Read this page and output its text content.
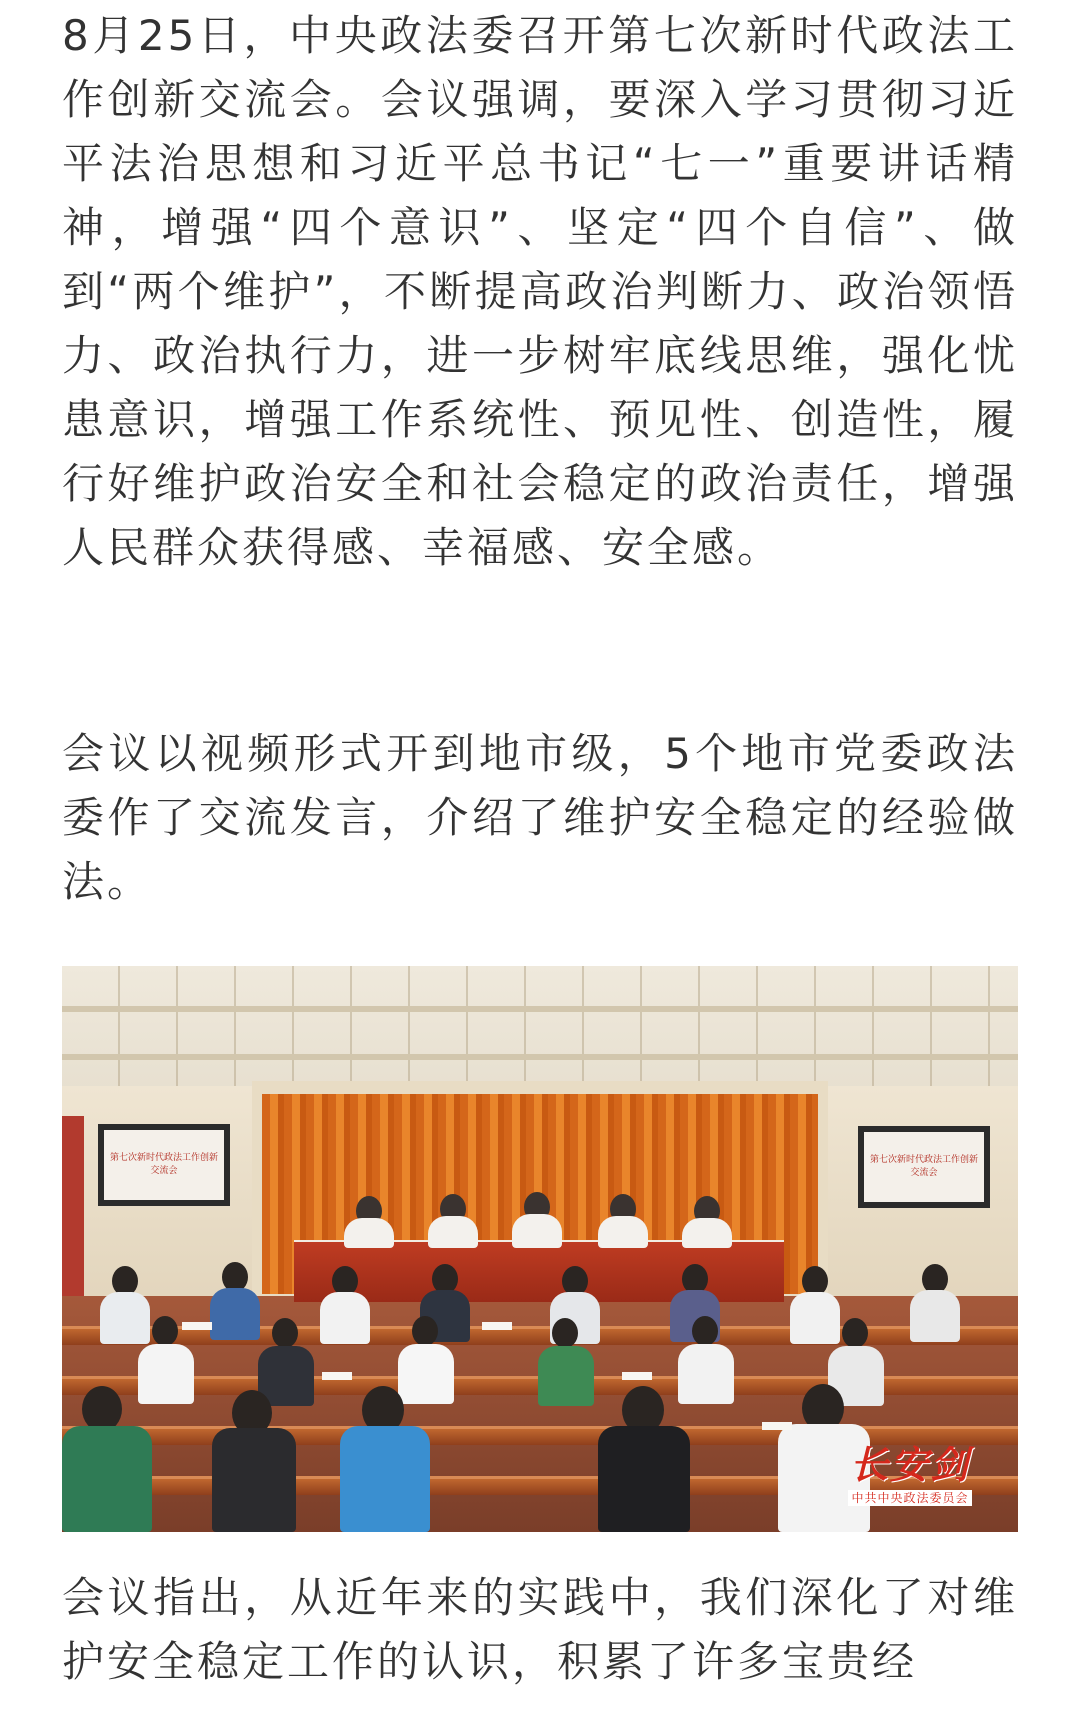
8月25日，中央政法委召开第七次新时代政法工作创新交流会。会议强调，要深入学习贯彻习近平法治思想和习近平总书记“七一”重要讲话精神，增强“四个意识”、坚定“四个自信”、做到“两个维护”，不断提高政治判断力、政治领悟力、政治执行力，进一步树牢底线思维，强化忧患意识，增强工作系统性、预见性、创造性，履行好维护政治安全和社会稳定的政治责任，增强人民群众获得感、幸福感、安全感。

会议以视频形式开到地市级，5个地市党委政法委作了交流发言，介绍了维护安全稳定的经验做法。

会议指出，从近年来的实践中，我们深化了对维护安全稳定工作的认识，积累了许多宝贵经

第七次新时代政法工作创新交流会
第七次新时代政法工作创新交流会
长安剑
中共中央政法委员会
